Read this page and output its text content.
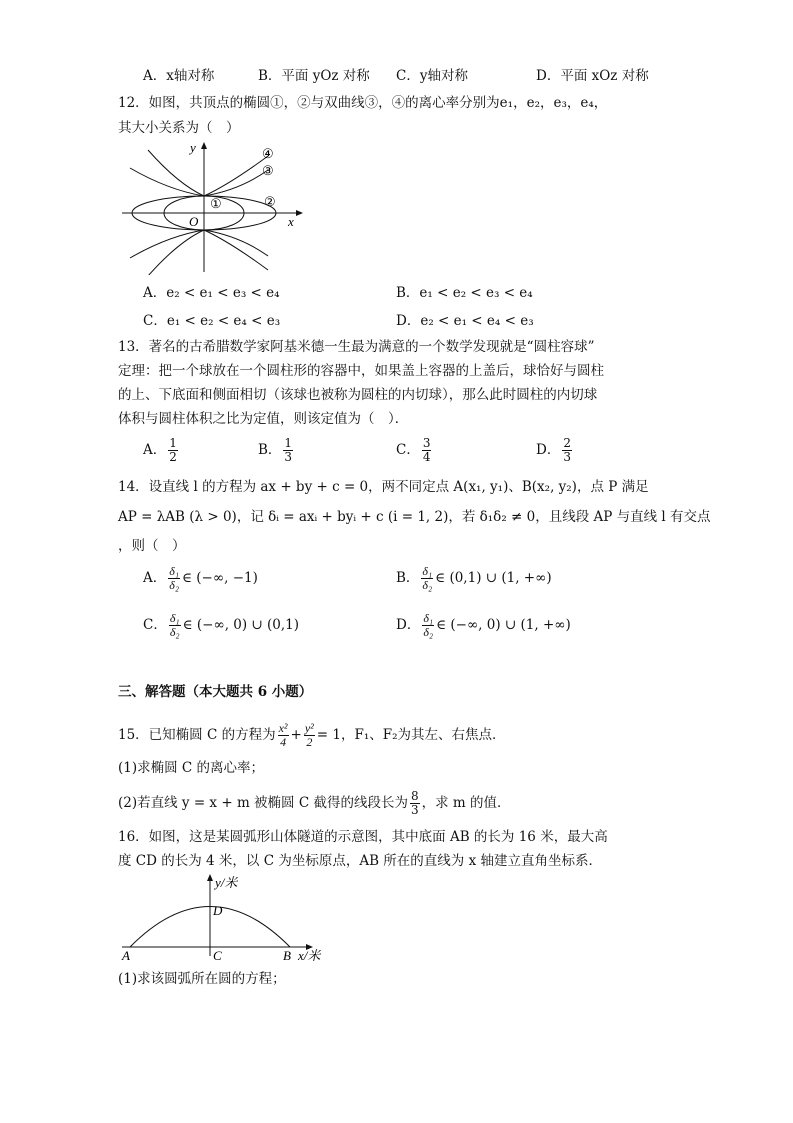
A．x轴对称	B．平面 yOz 对称 C．y轴对称	D．平面 xOz 对称
12．如图，共顶点的椭圆①，②与双曲线③，④的离心率分别为e₁，e₂，e₃，e₄，
其大小关系为（　）
y
x
O
①	②
④
③
A．e₂ < e₁ < e₃ < e₄	B．e₁ < e₂ < e₃ < e₄
C．e₁ < e₂ < e₄ < e₃	D．e₂ < e₁ < e₄ < e₃
13．著名的古希腊数学家阿基米德一生最为满意的一个数学发现就是“圆柱容球”
定理：把一个球放在一个圆柱形的容器中，如果盖上容器的上盖后，球恰好与圆柱
的上、下底面和侧面相切（该球也被称为圆柱的内切球），那么此时圆柱的内切球
体积与圆柱体积之比为定值，则该定值为（　）．
A． $\frac{1}{2}$	B． $\frac{1}{3}$	C． $\frac{3}{4}$	D． $\frac{2}{3}$
14．设直线 l 的方程为 ax + by + c = 0，两不同定点 A(x₁, y₁)、B(x₂, y₂)，点 P 满足
AP = λAB (λ > 0)，记 δᵢ = axᵢ + byᵢ + c (i = 1, 2)，若 δ₁δ₂ ≠ 0，且线段 AP 与直线 l 有交点
，则（　）
A． $\frac{\text{δ₁}}{\text{δ₂}}$ ∈ (−∞, −1)	B． $\frac{\text{δ₁}}{\text{δ₂}}$ ∈ (0,1) ∪ (1, +∞)
C． $\frac{\text{δ₁}}{\text{δ₂}}$ ∈ (−∞, 0) ∪ (0,1)	D． $\frac{\text{δ₁}}{\text{δ₂}}$ ∈ (−∞, 0) ∪ (1, +∞)
三、解答题（本大题共 6 小题）
15．已知椭圆 C 的方程为 $\frac{\text{x²}}{4} + \frac{\text{y²}}{2} = 1$，F₁、F₂为其左、右焦点．
(1)求椭圆 C 的离心率；
(2)若直线 y = x + m 被椭圆 C 截得的线段长为 $\frac{8}{3}$ ，求 m 的值．
16．如图，这是某圆弧形山体隧道的示意图，其中底面 AB 的长为 16 米，最大高
度 CD 的长为 4 米，以 C 为坐标原点，AB 所在的直线为 x 轴建立直角坐标系．
y/米
x/米
A	B
C
D
(1)求该圆弧所在圆的方程；
